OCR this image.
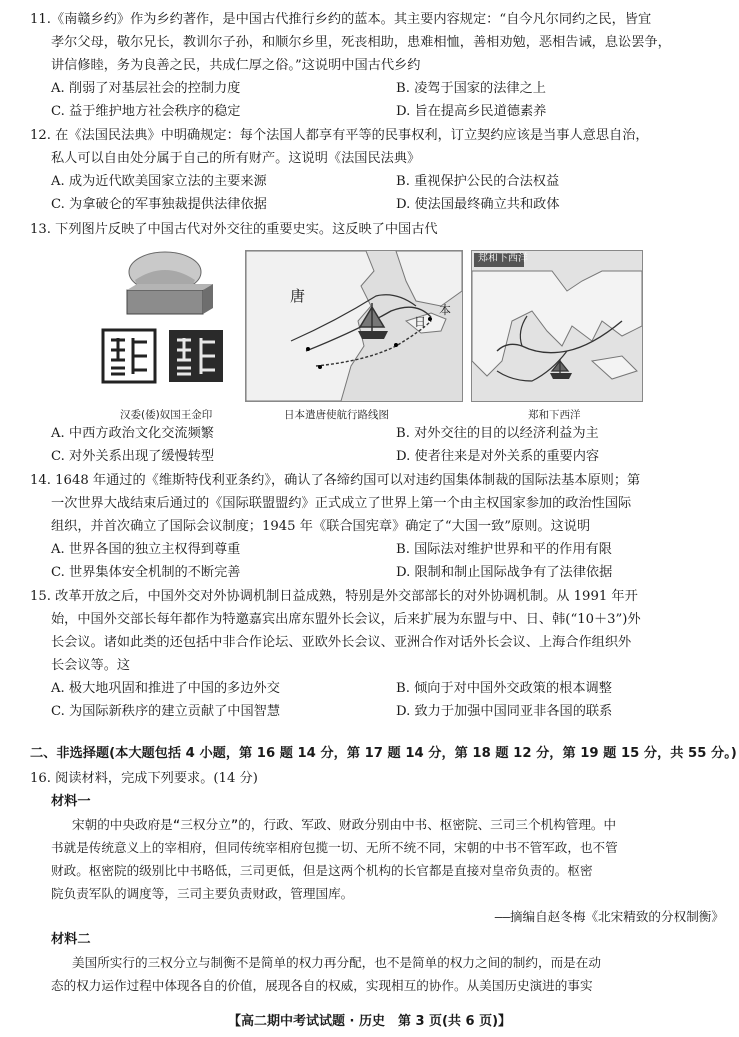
11.《南赣乡约》作为乡约著作，是中国古代推行乡约的蓝本。其主要内容规定：“自今凡尔同约之民，皆宜
孝尔父母，敬尔兄长，教训尔子孙，和顺尔乡里，死丧相助，患难相恤，善相劝勉，恶相告诫，息讼罢争，
讲信修睦，务为良善之民，共成仁厚之俗。”这说明中国古代乡约
A. 削弱了对基层社会的控制力度	B. 凌驾于国家的法律之上
C. 益于维护地方社会秩序的稳定	D. 旨在提高乡民道德素养
12. 在《法国民法典》中明确规定：每个法国人都享有平等的民事权利，订立契约应该是当事人意思自治，
私人可以自由处分属于自己的所有财产。这说明《法国民法典》
A. 成为近代欧美国家立法的主要来源	B. 重视保护公民的合法权益
C. 为拿破仑的军事独裁提供法律依据	D. 使法国最终确立共和政体
13. 下列图片反映了中国古代对外交往的重要史实。这反映了中国古代
唐
日
本
郑和下西洋
汉委(倭)奴国王金印	日本遣唐使航行路线图	郑和下西洋
A. 中西方政治文化交流频繁	B. 对外交往的目的以经济利益为主
C. 对外关系出现了缓慢转型	D. 使者往来是对外关系的重要内容
14. 1648 年通过的《维斯特伐利亚条约》，确认了各缔约国可以对违约国集体制裁的国际法基本原则；第
一次世界大战结束后通过的《国际联盟盟约》正式成立了世界上第一个由主权国家参加的政治性国际
组织，并首次确立了国际会议制度；1945 年《联合国宪章》确定了“大国一致”原则。这说明
A. 世界各国的独立主权得到尊重	B. 国际法对维护世界和平的作用有限
C. 世界集体安全机制的不断完善	D. 限制和制止国际战争有了法律依据
15. 改革开放之后，中国外交对外协调机制日益成熟，特别是外交部部长的对外协调机制。从 1991 年开
始，中国外交部长每年都作为特邀嘉宾出席东盟外长会议，后来扩展为东盟与中、日、韩(“10＋3”)外
长会议。诸如此类的还包括中非合作论坛、亚欧外长会议、亚洲合作对话外长会议、上海合作组织外
长会议等。这
A. 极大地巩固和推进了中国的多边外交	B. 倾向于对中国外交政策的根本调整
C. 为国际新秩序的建立贡献了中国智慧	D. 致力于加强中国同亚非各国的联系
二、非选择题(本大题包括 4 小题，第 16 题 14 分，第 17 题 14 分，第 18 题 12 分，第 19 题 15 分，共 55 分。)
16. 阅读材料，完成下列要求。(14 分)
材料一
宋朝的中央政府是“三权分立”的，行政、军政、财政分别由中书、枢密院、三司三个机构管理。中
书就是传统意义上的宰相府，但同传统宰相府包揽一切、无所不统不同，宋朝的中书不管军政，也不管
财政。枢密院的级别比中书略低，三司更低，但是这两个机构的长官都是直接对皇帝负责的。枢密
院负责军队的调度等，三司主要负责财政，管理国库。
——摘编自赵冬梅《北宋精致的分权制衡》
材料二
美国所实行的三权分立与制衡不是简单的权力再分配，也不是简单的权力之间的制约，而是在动
态的权力运作过程中体现各自的价值，展现各自的权威，实现相互的协作。从美国历史演进的事实
【高二期中考试试题 · 历史　第 3 页(共 6 页)】
